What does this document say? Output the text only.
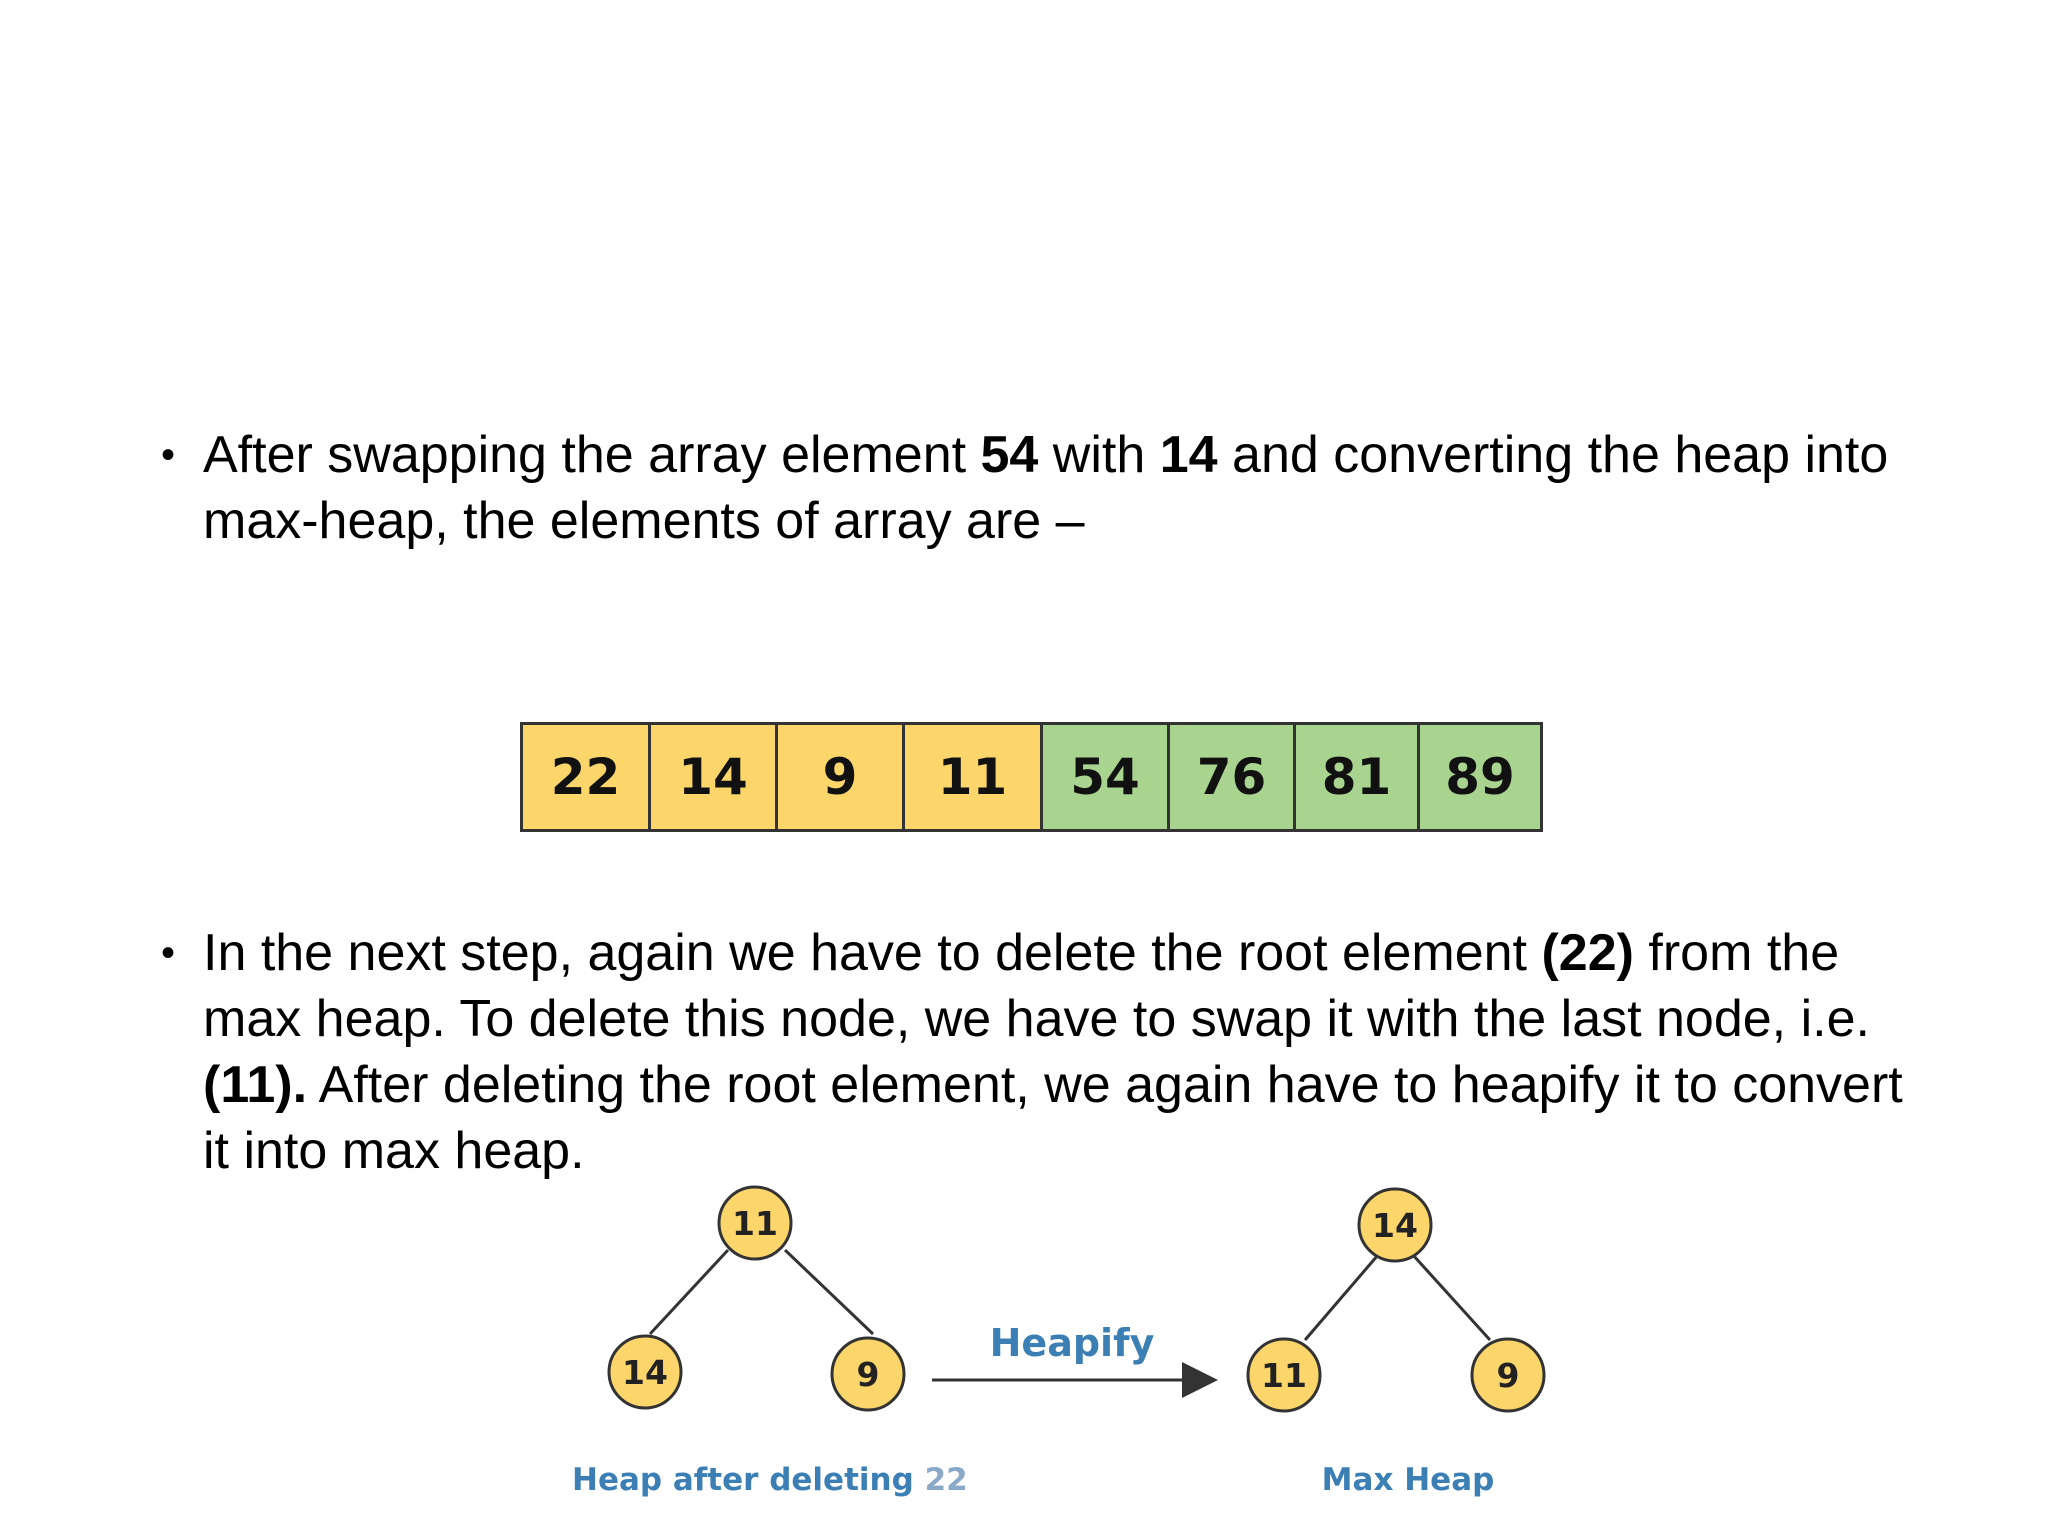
• After swapping the array element 54 with 14 and converting the heap into max-heap, the elements of array are –
22	14	9	11	54	76	81	89
• In the next step, again we have to delete the root element (22) from the max heap. To delete this node, we have to swap it with the last node, i.e. (11). After deleting the root element, we again have to heapify it to convert it into max heap.
11
14	9
Heap after deleting 22
Heapify
14
11	9
Max Heap
